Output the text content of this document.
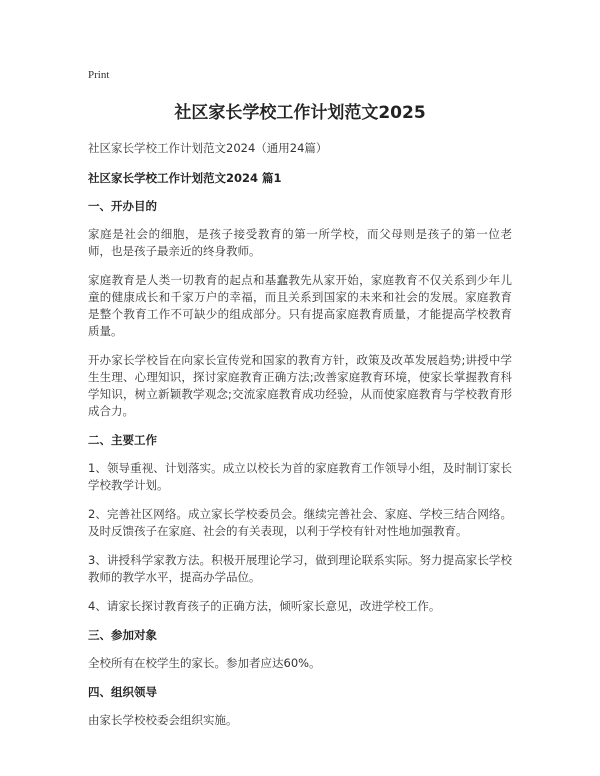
Print
社区家长学校工作计划范文2025
社区家长学校工作计划范文2024（通用24篇）
社区家长学校工作计划范文2024 篇1
一、开办目的
家庭是社会的细胞，是孩子接受教育的第一所学校，而父母则是孩子的第一位老师，也是孩子最亲近的终身教师。
家庭教育是人类一切教育的起点和基蠢教先从家开始，家庭教育不仅关系到少年儿童的健康成长和千家万户的幸福，而且关系到国家的未来和社会的发展。家庭教育是整个教育工作不可缺少的组成部分。只有提高家庭教育质量，才能提高学校教育质量。
开办家长学校旨在向家长宣传党和国家的教育方针，政策及改革发展趋势;讲授中学生生理、心理知识，探讨家庭教育正确方法;改善家庭教育环境，使家长掌握教育科学知识，树立新颖教学观念;交流家庭教育成功经验，从而使家庭教育与学校教育形成合力。
二、主要工作
1、领导重视、计划落实。成立以校长为首的家庭教育工作领导小组，及时制订家长学校教学计划。
2、完善社区网络。成立家长学校委员会。继续完善社会、家庭、学校三结合网络。及时反馈孩子在家庭、社会的有关表现，以利于学校有针对性地加强教育。
3、讲授科学家教方法。积极开展理论学习，做到理论联系实际。努力提高家长学校教师的教学水平，提高办学品位。
4、请家长探讨教育孩子的正确方法，倾听家长意见，改进学校工作。
三、参加对象
全校所有在校学生的家长。参加者应达60%。
四、组织领导
由家长学校校委会组织实施。
